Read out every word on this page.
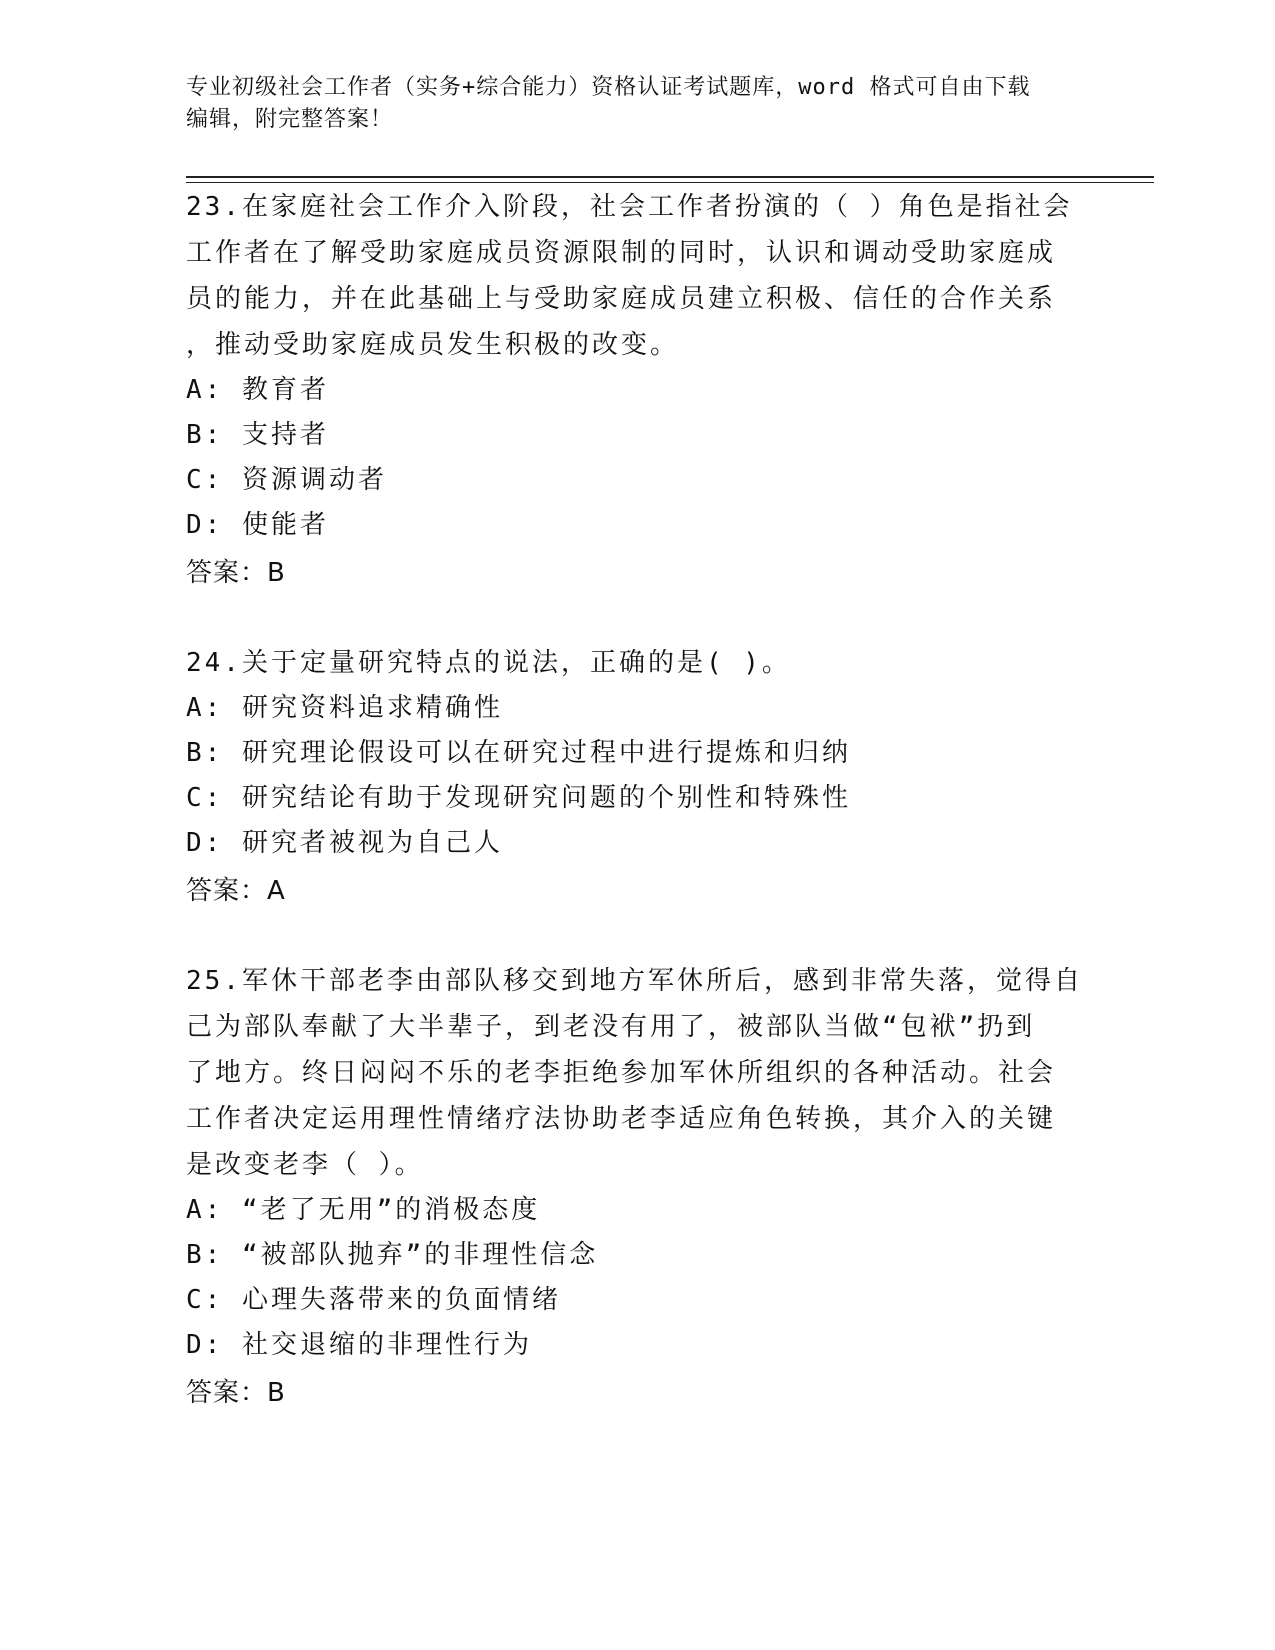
专业初级社会工作者（实务+综合能力）资格认证考试题库，word 格式可自由下载
编辑，附完整答案！
23.在家庭社会工作介入阶段，社会工作者扮演的（ ）角色是指社会
工作者在了解受助家庭成员资源限制的同时，认识和调动受助家庭成
员的能力，并在此基础上与受助家庭成员建立积极、信任的合作关系
，推动受助家庭成员发生积极的改变。
A: 教育者
B: 支持者
C: 资源调动者
D: 使能者
答案：B
24.关于定量研究特点的说法，正确的是( )。
A: 研究资料追求精确性
B: 研究理论假设可以在研究过程中进行提炼和归纳
C: 研究结论有助于发现研究问题的个别性和特殊性
D: 研究者被视为自己人
答案：A
25.军休干部老李由部队移交到地方军休所后，感到非常失落，觉得自
己为部队奉献了大半辈子，到老没有用了，被部队当做“包袱”扔到
了地方。终日闷闷不乐的老李拒绝参加军休所组织的各种活动。社会
工作者决定运用理性情绪疗法协助老李适应角色转换，其介入的关键
是改变老李（ ）。
A: “老了无用”的消极态度
B: “被部队抛弃”的非理性信念
C: 心理失落带来的负面情绪
D: 社交退缩的非理性行为
答案：B
